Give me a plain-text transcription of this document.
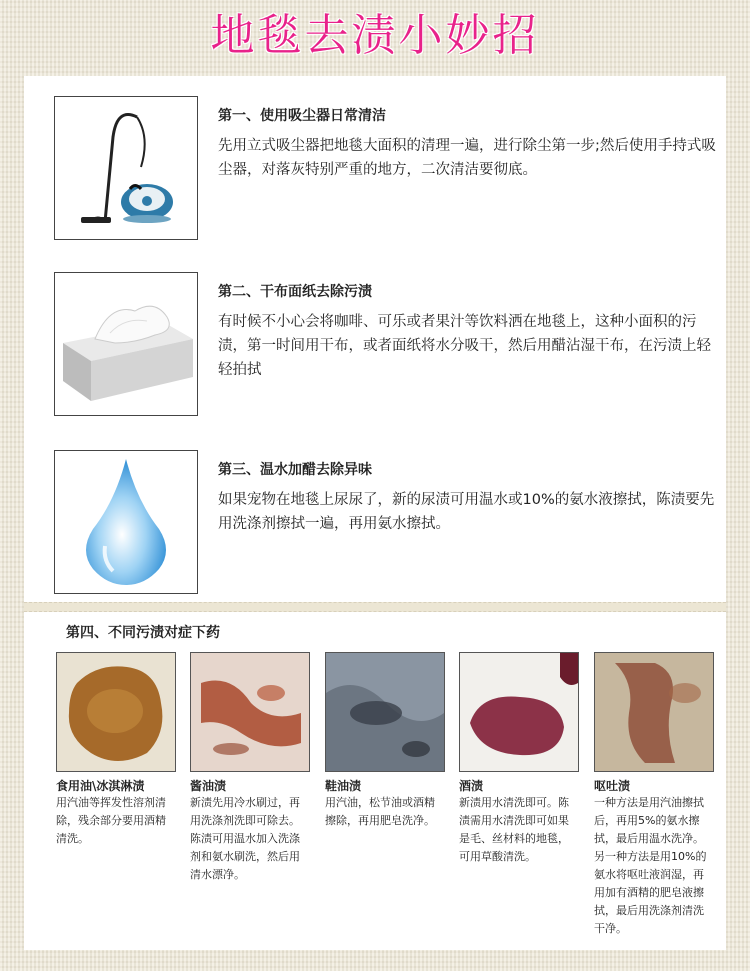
地毯去渍小妙招
第一、使用吸尘器日常清洁
先用立式吸尘器把地毯大面积的清理一遍，进行除尘第一步;然后使用手持式吸尘器，对落灰特别严重的地方，二次清洁要彻底。
第二、干布面纸去除污渍
有时候不小心会将咖啡、可乐或者果汁等饮料洒在地毯上，这种小面积的污渍，第一时间用干布，或者面纸将水分吸干，然后用醋沾湿干布，在污渍上轻轻拍拭
第三、温水加醋去除异味
如果宠物在地毯上尿尿了，新的尿渍可用温水或10%的氨水液擦拭，陈渍要先用洗涤剂擦拭一遍，再用氨水擦拭。
第四、不同污渍对症下药
食用油\冰淇淋渍
用汽油等挥发性溶剂清除，残余部分要用酒精清洗。
酱油渍
新渍先用冷水刷过，再用洗涤剂洗即可除去。陈渍可用温水加入洗涤剂和氨水刷洗，然后用清水漂净。
鞋油渍
用汽油，松节油或酒精擦除，再用肥皂洗净。
酒渍
新渍用水清洗即可。陈渍需用水清洗即可如果是毛、丝材料的地毯，可用草酸清洗。
呕吐渍
一种方法是用汽油擦拭后，再用5%的氨水擦拭，最后用温水洗净。另一种方法是用10%的氨水将呕吐液润湿，再用加有酒精的肥皂液擦拭，最后用洗涤剂清洗干净。
